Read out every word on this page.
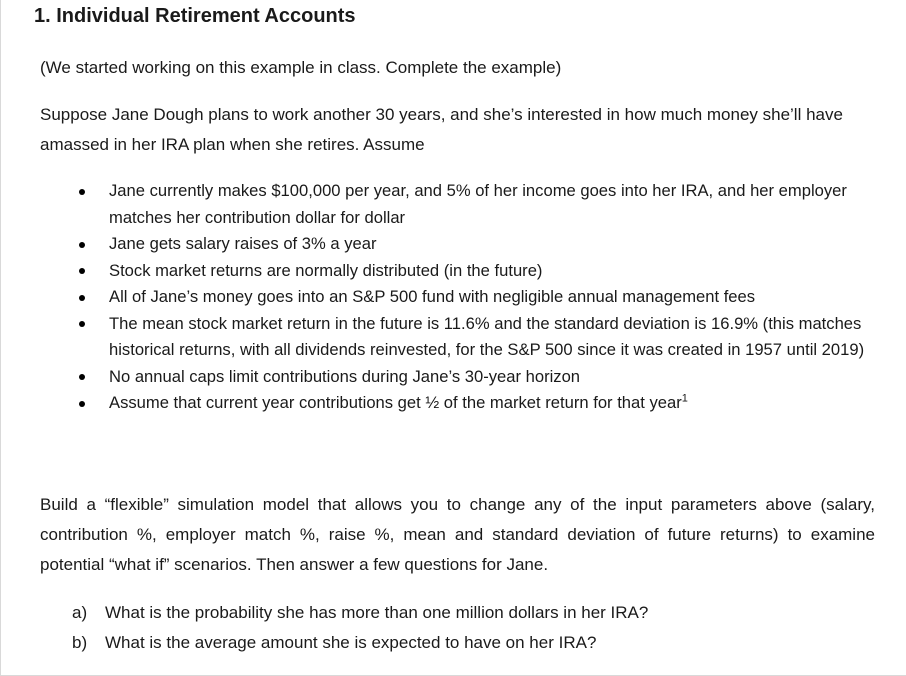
1. Individual Retirement Accounts

(We started working on this example in class. Complete the example)

Suppose Jane Dough plans to work another 30 years, and she’s interested in how much money she’ll have amassed in her IRA plan when she retires. Assume

Jane currently makes $100,000 per year, and 5% of her income goes into her IRA, and her employer matches her contribution dollar for dollar
Jane gets salary raises of 3% a year
Stock market returns are normally distributed (in the future)
All of Jane’s money goes into an S&P 500 fund with negligible annual management fees
The mean stock market return in the future is 11.6% and the standard deviation is 16.9% (this matches historical returns, with all dividends reinvested, for the S&P 500 since it was created in 1957 until 2019)
No annual caps limit contributions during Jane’s 30-year horizon
Assume that current year contributions get ½ of the market return for that year$^1$

Build a “flexible” simulation model that allows you to change any of the input parameters above (salary, contribution %, employer match %, raise %, mean and standard deviation of future returns) to examine potential “what if” scenarios. Then answer a few questions for Jane.

a) What is the probability she has more than one million dollars in her IRA?
b) What is the average amount she is expected to have on her IRA?
